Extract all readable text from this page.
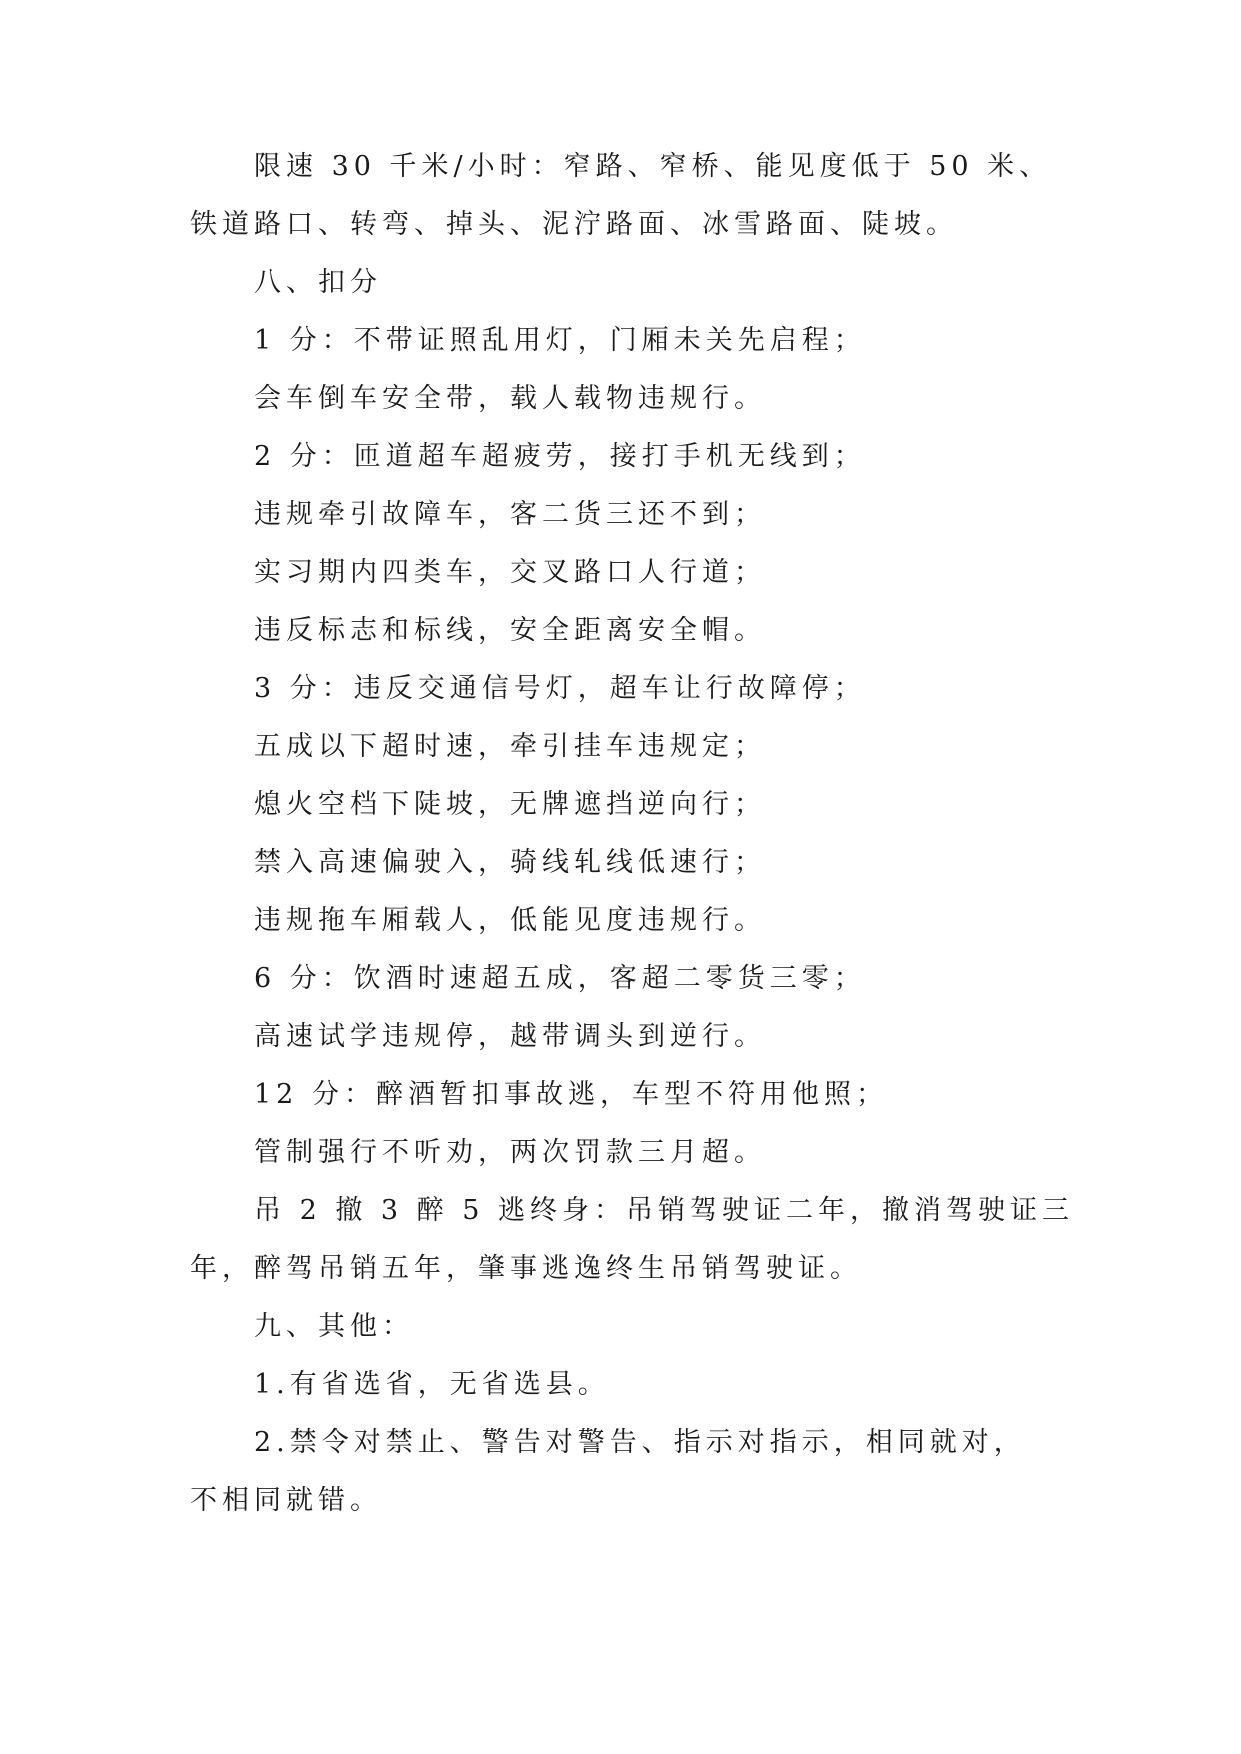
限速 30 千米/小时：窄路、窄桥、能见度低于 50 米、
铁道路口、转弯、掉头、泥泞路面、冰雪路面、陡坡。
八、扣分
1 分：不带证照乱用灯，门厢未关先启程；
会车倒车安全带，载人载物违规行。
2 分：匝道超车超疲劳，接打手机无线到；
违规牵引故障车，客二货三还不到；
实习期内四类车，交叉路口人行道；
违反标志和标线，安全距离安全帽。
3 分：违反交通信号灯，超车让行故障停；
五成以下超时速，牵引挂车违规定；
熄火空档下陡坡，无牌遮挡逆向行；
禁入高速偏驶入，骑线轧线低速行；
违规拖车厢载人，低能见度违规行。
6 分：饮酒时速超五成，客超二零货三零；
高速试学违规停，越带调头到逆行。
12 分：醉酒暂扣事故逃，车型不符用他照；
管制强行不听劝，两次罚款三月超。
吊 2 撤 3 醉 5 逃终身：吊销驾驶证二年，撤消驾驶证三
年，醉驾吊销五年，肇事逃逸终生吊销驾驶证。
九、其他：
1.有省选省，无省选县。
2.禁令对禁止、警告对警告、指示对指示，相同就对，
不相同就错。
